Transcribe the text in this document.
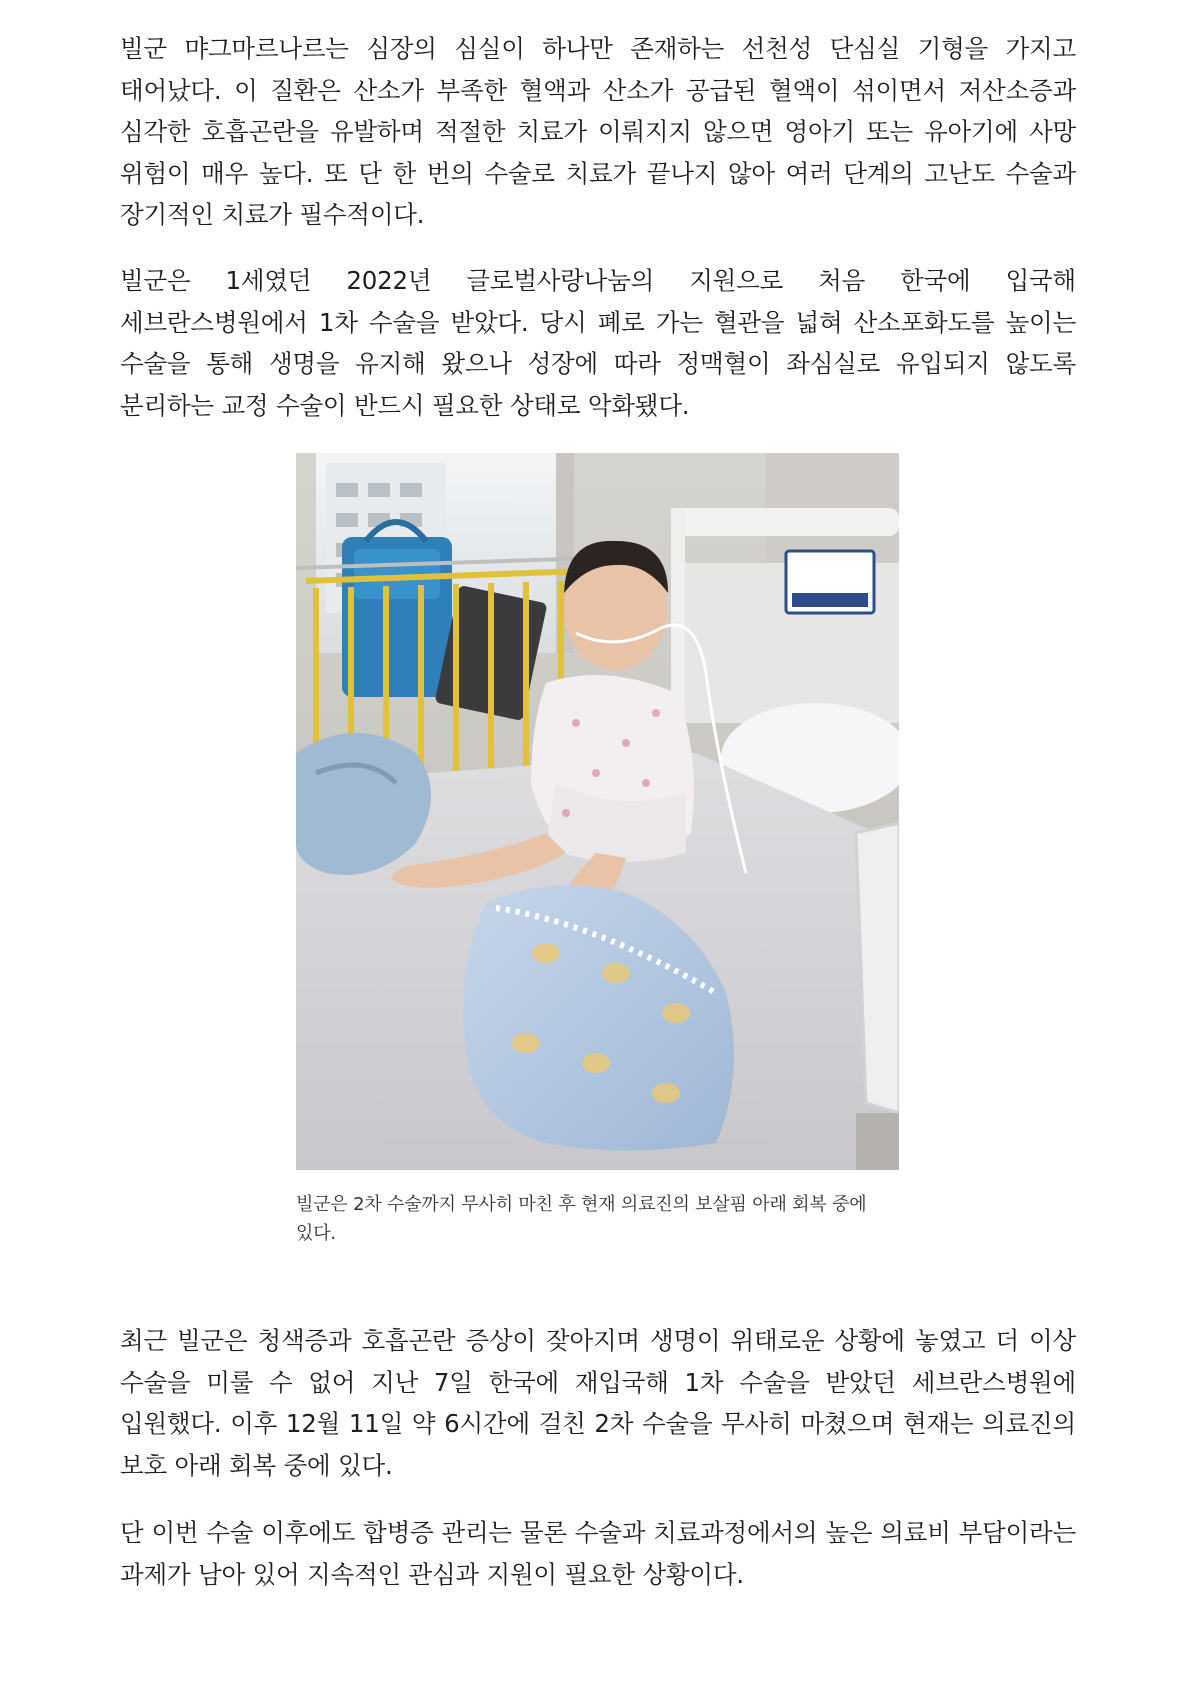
빌군 먀그마르나르는 심장의 심실이 하나만 존재하는 선천성 단심실 기형을 가지고 태어났다. 이 질환은 산소가 부족한 혈액과 산소가 공급된 혈액이 섞이면서 저산소증과 심각한 호흡곤란을 유발하며 적절한 치료가 이뤄지지 않으면 영아기 또는 유아기에 사망 위험이 매우 높다. 또 단 한 번의 수술로 치료가 끝나지 않아 여러 단계의 고난도 수술과 장기적인 치료가 필수적이다.

빌군은 1세였던 2022년 글로벌사랑나눔의 지원으로 처음 한국에 입국해 세브란스병원에서 1차 수술을 받았다. 당시 폐로 가는 혈관을 넓혀 산소포화도를 높이는 수술을 통해 생명을 유지해 왔으나 성장에 따라 정맥혈이 좌심실로 유입되지 않도록 분리하는 교정 수술이 반드시 필요한 상태로 악화됐다.

빌군은 2차 수술까지 무사히 마친 후 현재 의료진의 보살핌 아래 회복 중에 있다.

최근 빌군은 청색증과 호흡곤란 증상이 잦아지며 생명이 위태로운 상황에 놓였고 더 이상 수술을 미룰 수 없어 지난 7일 한국에 재입국해 1차 수술을 받았던 세브란스병원에 입원했다. 이후 12월 11일 약 6시간에 걸친 2차 수술을 무사히 마쳤으며 현재는 의료진의 보호 아래 회복 중에 있다.

단 이번 수술 이후에도 합병증 관리는 물론 수술과 치료과정에서의 높은 의료비 부담이라는 과제가 남아 있어 지속적인 관심과 지원이 필요한 상황이다.
